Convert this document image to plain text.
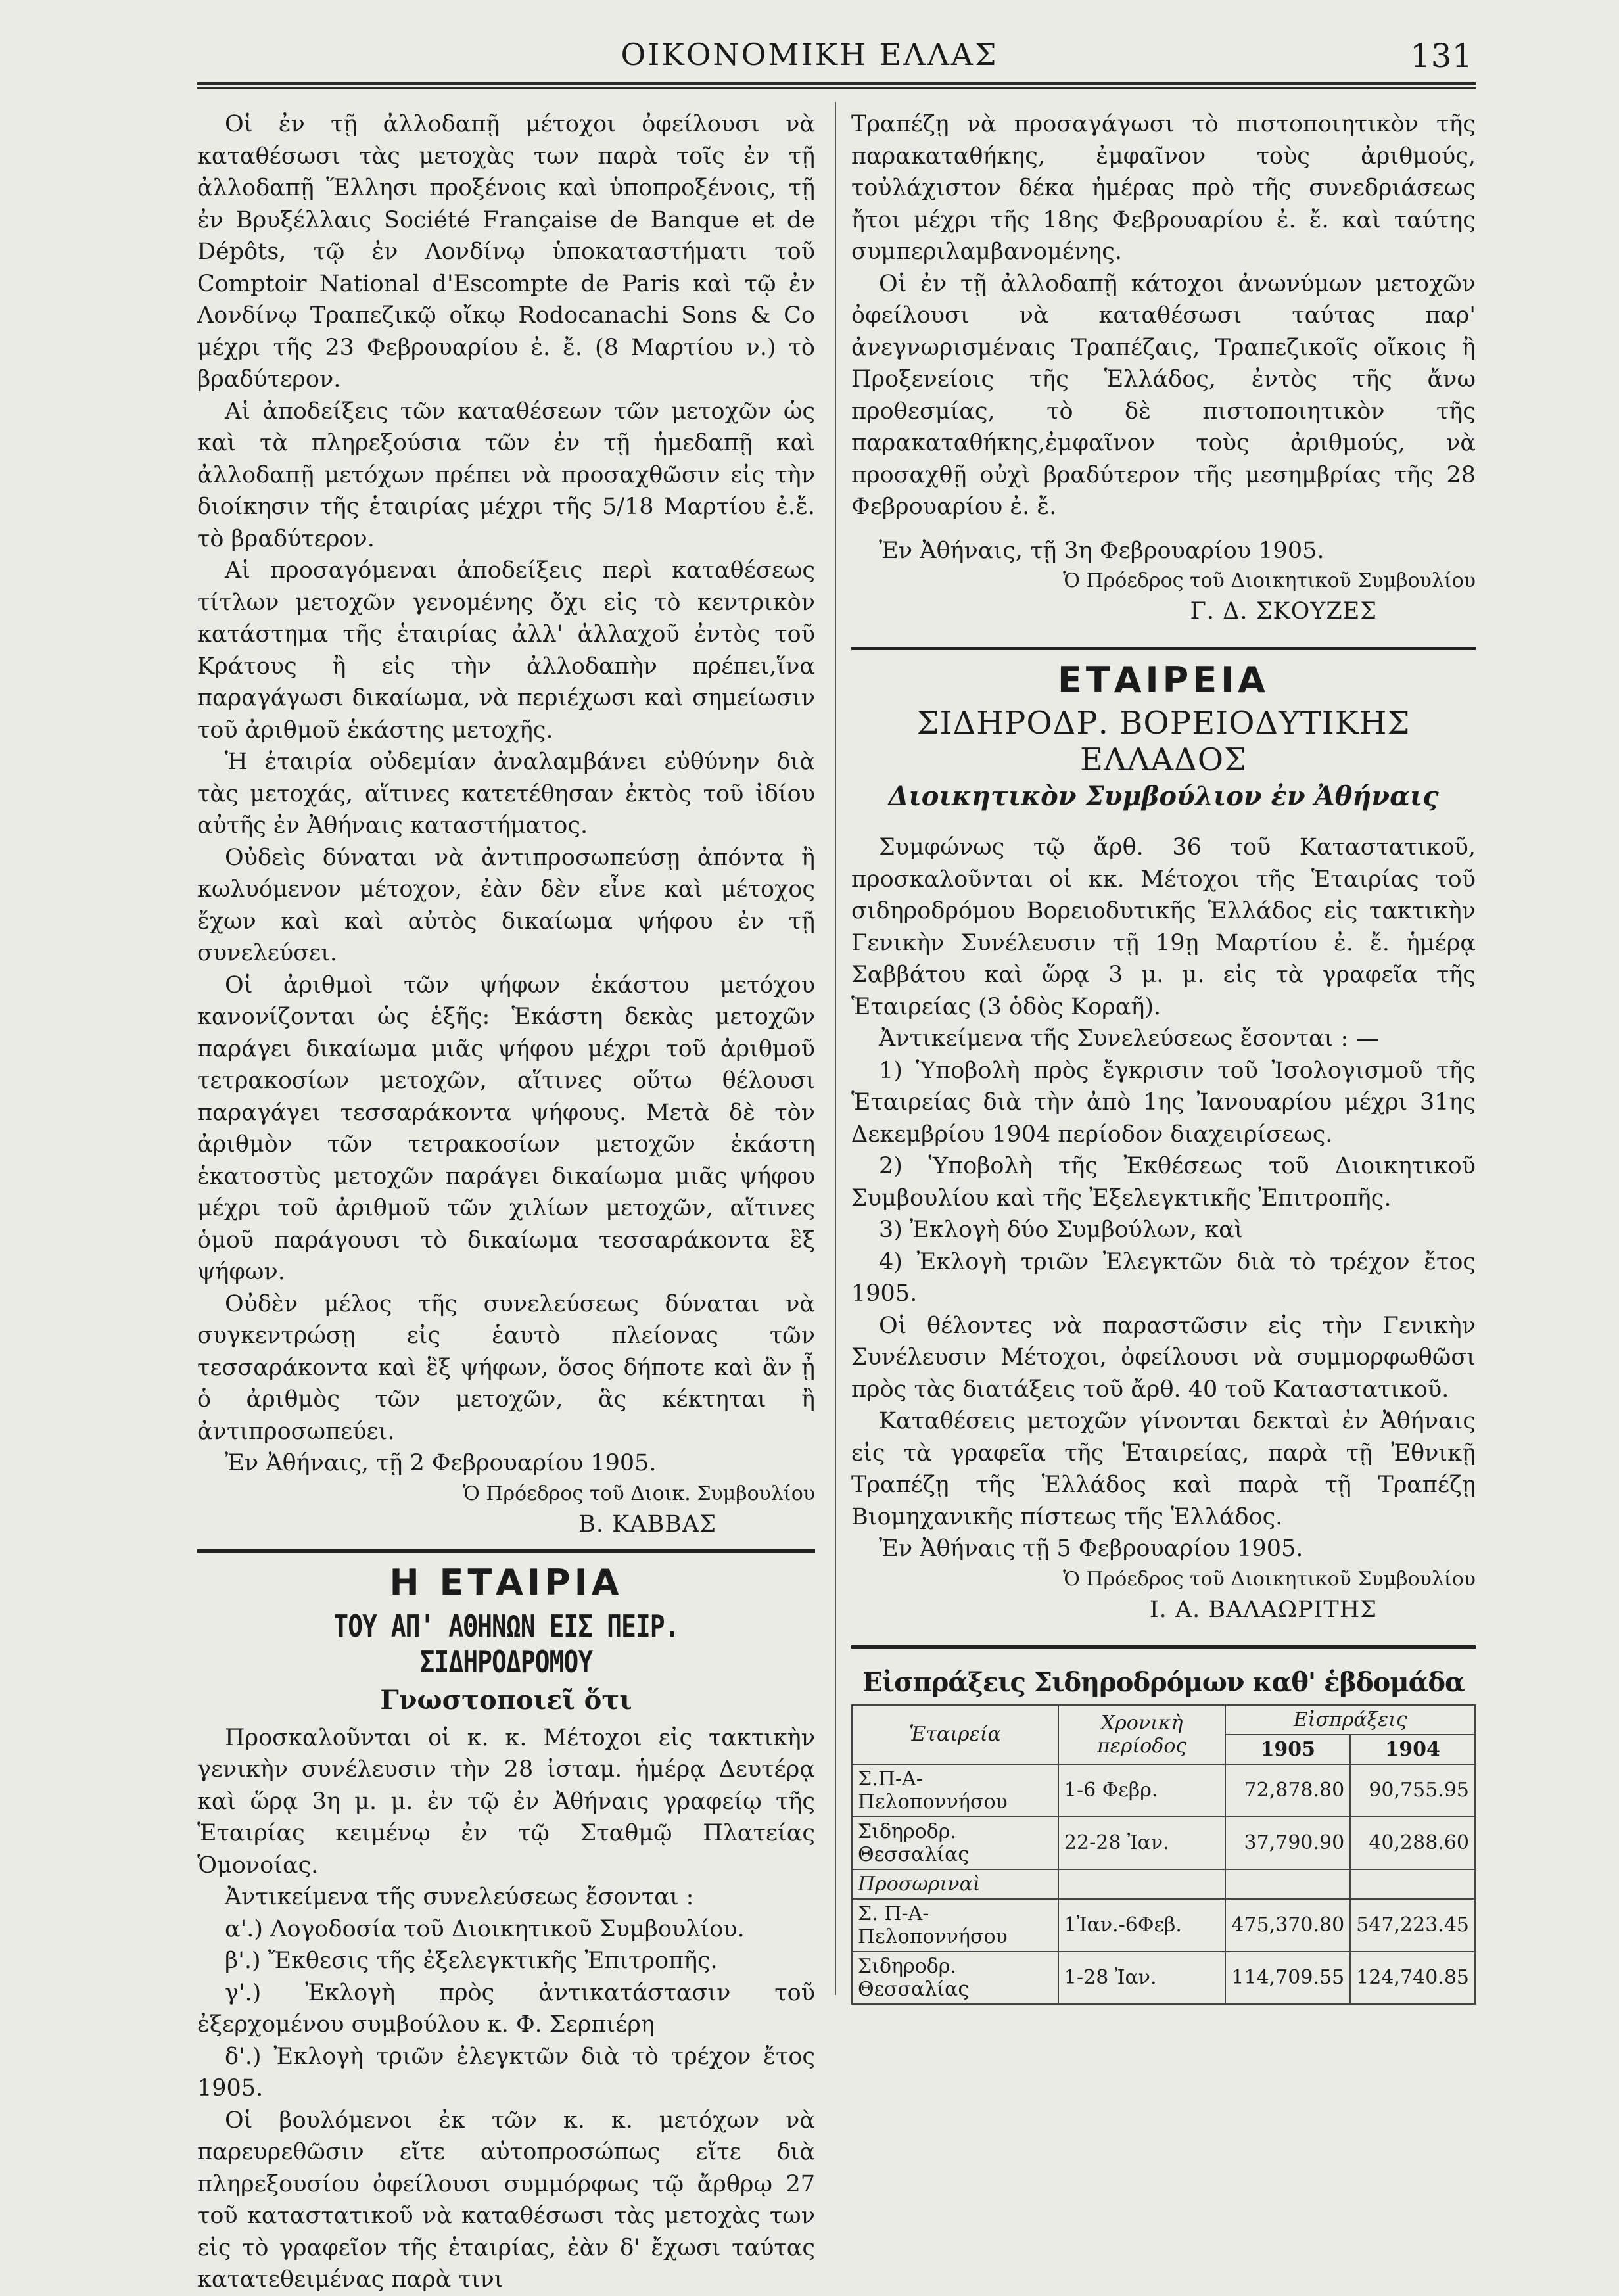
ΟΙΚΟΝΟΜΙΚΗ ΕΛΛΑΣ	131

Οἱ ἐν τῇ ἀλλοδαπῇ μέτοχοι ὀφείλουσι νὰ καταθέσωσι τὰς μετοχὰς των παρὰ τοῖς ἐν τῇ ἀλλοδαπῇ Ἕλλησι προξένοις καὶ ὑποπροξένοις, τῇ ἐν Βρυξέλλαις Société Française de Banque et de Dépôts, τῷ ἐν Λονδίνῳ ὑποκαταστήματι τοῦ Comptoir National d'Escompte de Paris καὶ τῷ ἐν Λονδίνῳ Τραπεζικῷ οἴκῳ Rodocanachi Sons & Co μέχρι τῆς 23 Φεβρουαρίου ἐ. ἔ. (8 Μαρτίου ν.) τὸ βραδύτερον.

Αἱ ἀποδείξεις τῶν καταθέσεων τῶν μετοχῶν ὡς καὶ τὰ πληρεξούσια τῶν ἐν τῇ ἡμεδαπῇ καὶ ἀλλοδαπῇ μετόχων πρέπει νὰ προσαχθῶσιν εἰς τὴν διοίκησιν τῆς ἑταιρίας μέχρι τῆς 5/18 Μαρτίου ἐ.ἔ. τὸ βραδύτερον.

Αἱ προσαγόμεναι ἀποδείξεις περὶ καταθέσεως τίτλων μετοχῶν γενομένης ὄχι εἰς τὸ κεντρικὸν κατάστημα τῆς ἑταιρίας ἀλλ' ἀλλαχοῦ ἐντὸς τοῦ Κράτους ἢ εἰς τὴν ἀλλοδαπὴν πρέπει,ἵνα παραγάγωσι δικαίωμα, νὰ περιέχωσι καὶ σημείωσιν τοῦ ἀριθμοῦ ἑκάστης μετοχῆς.

Ἡ ἑταιρία οὐδεμίαν ἀναλαμβάνει εὐθύνην διὰ τὰς μετοχάς, αἵτινες κατετέθησαν ἐκτὸς τοῦ ἰδίου αὐτῆς ἐν Ἀθήναις καταστήματος.

Οὐδεὶς δύναται νὰ ἀντιπροσωπεύσῃ ἀπόντα ἢ κωλυόμενον μέτοχον, ἐὰν δὲν εἶνε καὶ μέτοχος ἔχων καὶ καὶ αὐτὸς δικαίωμα ψήφου ἐν τῇ συνελεύσει.

Οἱ ἀριθμοὶ τῶν ψήφων ἑκάστου μετόχου κανονίζονται ὡς ἑξῆς: Ἑκάστη δεκὰς μετοχῶν παράγει δικαίωμα μιᾶς ψήφου μέχρι τοῦ ἀριθμοῦ τετρακοσίων μετοχῶν, αἵτινες οὕτω θέλουσι παραγάγει τεσσαράκοντα ψήφους. Μετὰ δὲ τὸν ἀριθμὸν τῶν τετρακοσίων μετοχῶν ἑκάστη ἑκατοστὺς μετοχῶν παράγει δικαίωμα μιᾶς ψήφου μέχρι τοῦ ἀριθμοῦ τῶν χιλίων μετοχῶν, αἵτινες ὁμοῦ παράγουσι τὸ δικαίωμα τεσσαράκοντα ἓξ ψήφων.

Οὐδὲν μέλος τῆς συνελεύσεως δύναται νὰ συγκεντρώσῃ εἰς ἑαυτὸ πλείονας τῶν τεσσαράκοντα καὶ ἓξ ψήφων, ὅσος δήποτε καὶ ἂν ᾖ ὁ ἀριθμὸς τῶν μετοχῶν, ἃς κέκτηται ἢ ἀντιπροσωπεύει.

Ἐν Ἀθήναις, τῇ 2 Φεβρουαρίου 1905.

Ὁ Πρόεδρος τοῦ Διοικ. Συμβουλίου

Β. ΚΑΒΒΑΣ

Η ΕΤΑΙΡΙΑ
ΤΟΥ ΑΠ' ΑΘΗΝΩΝ ΕΙΣ ΠΕΙΡ. ΣΙΔΗΡΟΔΡΟΜΟΥ
Γνωστοποιεῖ ὅτι

Προσκαλοῦνται οἱ κ. κ. Μέτοχοι εἰς τακτικὴν γενικὴν συνέλευσιν τὴν 28 ἰσταμ. ἡμέρᾳ Δευτέρᾳ καὶ ὥρᾳ 3η μ. μ. ἐν τῷ ἐν Ἀθήναις γραφείῳ τῆς Ἑταιρίας κειμένῳ ἐν τῷ Σταθμῷ Πλατείας Ὁμονοίας.

Ἀντικείμενα τῆς συνελεύσεως ἔσονται :

α'.) Λογοδοσία τοῦ Διοικητικοῦ Συμβουλίου.

β'.) Ἔκθεσις τῆς ἐξελεγκτικῆς Ἐπιτροπῆς.

γ'.) Ἐκλογὴ πρὸς ἀντικατάστασιν τοῦ ἐξερχομένου συμβούλου κ. Φ. Σερπιέρη

δ'.) Ἐκλογὴ τριῶν ἐλεγκτῶν διὰ τὸ τρέχον ἔτος 1905.

Οἱ βουλόμενοι ἐκ τῶν κ. κ. μετόχων νὰ παρευρεθῶσιν εἴτε αὐτοπροσώπως εἴτε διὰ πληρεξουσίου ὀφείλουσι συμμόρφως τῷ ἄρθρῳ 27 τοῦ καταστατικοῦ νὰ καταθέσωσι τὰς μετοχὰς των εἰς τὸ γραφεῖον τῆς ἑταιρίας, ἐὰν δ' ἔχωσι ταύτας κατατεθειμένας παρὰ τινι

Τραπέζῃ νὰ προσαγάγωσι τὸ πιστοποιητικὸν τῆς παρακαταθήκης, ἐμφαῖνον τοὺς ἀριθμούς, τοὐλάχιστον δέκα ἡμέρας πρὸ τῆς συνεδριάσεως ἤτοι μέχρι τῆς 18ης Φεβρουαρίου ἐ. ἔ. καὶ ταύτης συμπεριλαμβανομένης.

Οἱ ἐν τῇ ἀλλοδαπῇ κάτοχοι ἀνωνύμων μετοχῶν ὀφείλουσι νὰ καταθέσωσι ταύτας παρ' ἀνεγνωρισμέναις Τραπέζαις, Τραπεζικοῖς οἴκοις ἢ Προξενείοις τῆς Ἑλλάδος, ἐντὸς τῆς ἄνω προθεσμίας, τὸ δὲ πιστοποιητικὸν τῆς παρακαταθήκης,ἐμφαῖνον τοὺς ἀριθμούς, νὰ προσαχθῇ οὐχὶ βραδύτερον τῆς μεσημβρίας τῆς 28 Φεβρουαρίου ἐ. ἔ.

Ἐν Ἀθήναις, τῇ 3η Φεβρουαρίου 1905.

Ὁ Πρόεδρος τοῦ Διοικητικοῦ Συμβουλίου

Γ. Δ. ΣΚΟΥΖΕΣ

ΕΤΑΙΡΕΙΑ
ΣΙΔΗΡΟΔΡ. ΒΟΡΕΙΟΔΥΤΙΚΗΣ ΕΛΛΑΔΟΣ
Διοικητικὸν Συμβούλιον ἐν Ἀθήναις

Συμφώνως τῷ ἄρθ. 36 τοῦ Καταστατικοῦ, προσκαλοῦνται οἱ κκ. Μέτοχοι τῆς Ἑταιρίας τοῦ σιδηροδρόμου Βορειοδυτικῆς Ἑλλάδος εἰς τακτικὴν Γενικὴν Συνέλευσιν τῇ 19ῃ Μαρτίου ἐ. ἔ. ἡμέρᾳ Σαββάτου καὶ ὥρᾳ 3 μ. μ. εἰς τὰ γραφεῖα τῆς Ἑταιρείας (3 ὁδὸς Κοραῆ).

Ἀντικείμενα τῆς Συνελεύσεως ἔσονται : —

1) Ὑποβολὴ πρὸς ἔγκρισιν τοῦ Ἰσολογισμοῦ τῆς Ἑταιρείας διὰ τὴν ἀπὸ 1ης Ἰανουαρίου μέχρι 31ης Δεκεμβρίου 1904 περίοδον διαχειρίσεως.

2) Ὑποβολὴ τῆς Ἐκθέσεως τοῦ Διοικητικοῦ Συμβουλίου καὶ τῆς Ἐξελεγκτικῆς Ἐπιτροπῆς.

3) Ἐκλογὴ δύο Συμβούλων, καὶ

4) Ἐκλογὴ τριῶν Ἐλεγκτῶν διὰ τὸ τρέχον ἔτος 1905.

Οἱ θέλοντες νὰ παραστῶσιν εἰς τὴν Γενικὴν Συνέλευσιν Μέτοχοι, ὀφείλουσι νὰ συμμορφωθῶσι πρὸς τὰς διατάξεις τοῦ ἄρθ. 40 τοῦ Καταστατικοῦ.

Καταθέσεις μετοχῶν γίνονται δεκταὶ ἐν Ἀθήναις εἰς τὰ γραφεῖα τῆς Ἑταιρείας, παρὰ τῇ Ἐθνικῇ Τραπέζῃ τῆς Ἑλλάδος καὶ παρὰ τῇ Τραπέζῃ Βιομηχανικῆς πίστεως τῆς Ἑλλάδος.

Ἐν Ἀθήναις τῇ 5 Φεβρουαρίου 1905.

Ὁ Πρόεδρος τοῦ Διοικητικοῦ Συμβουλίου

Ι. Α. ΒΑΛΑΩΡΙΤΗΣ

Εἰσπράξεις Σιδηροδρόμων καθ' ἑβδομάδα
Ἑταιρεία	Χρονικὴ περίοδος	Εἰσπράξεις	
		1905	1904
Σ.Π-Α-Πελοποννήσου	1-6 Φεβρ.	72,878.80	90,755.95
Σιδηροδρ. Θεσσαλίας	22-28 Ἰαν.	37,790.90	40,288.60
Προσωριναὶ			
Σ. Π-Α-Πελοποννήσου	1Ἰαν.-6Φεβ.	475,370.80	547,223.45
Σιδηροδρ. Θεσσαλίας	1-28 Ἰαν.	114,709.55	124,740.85
